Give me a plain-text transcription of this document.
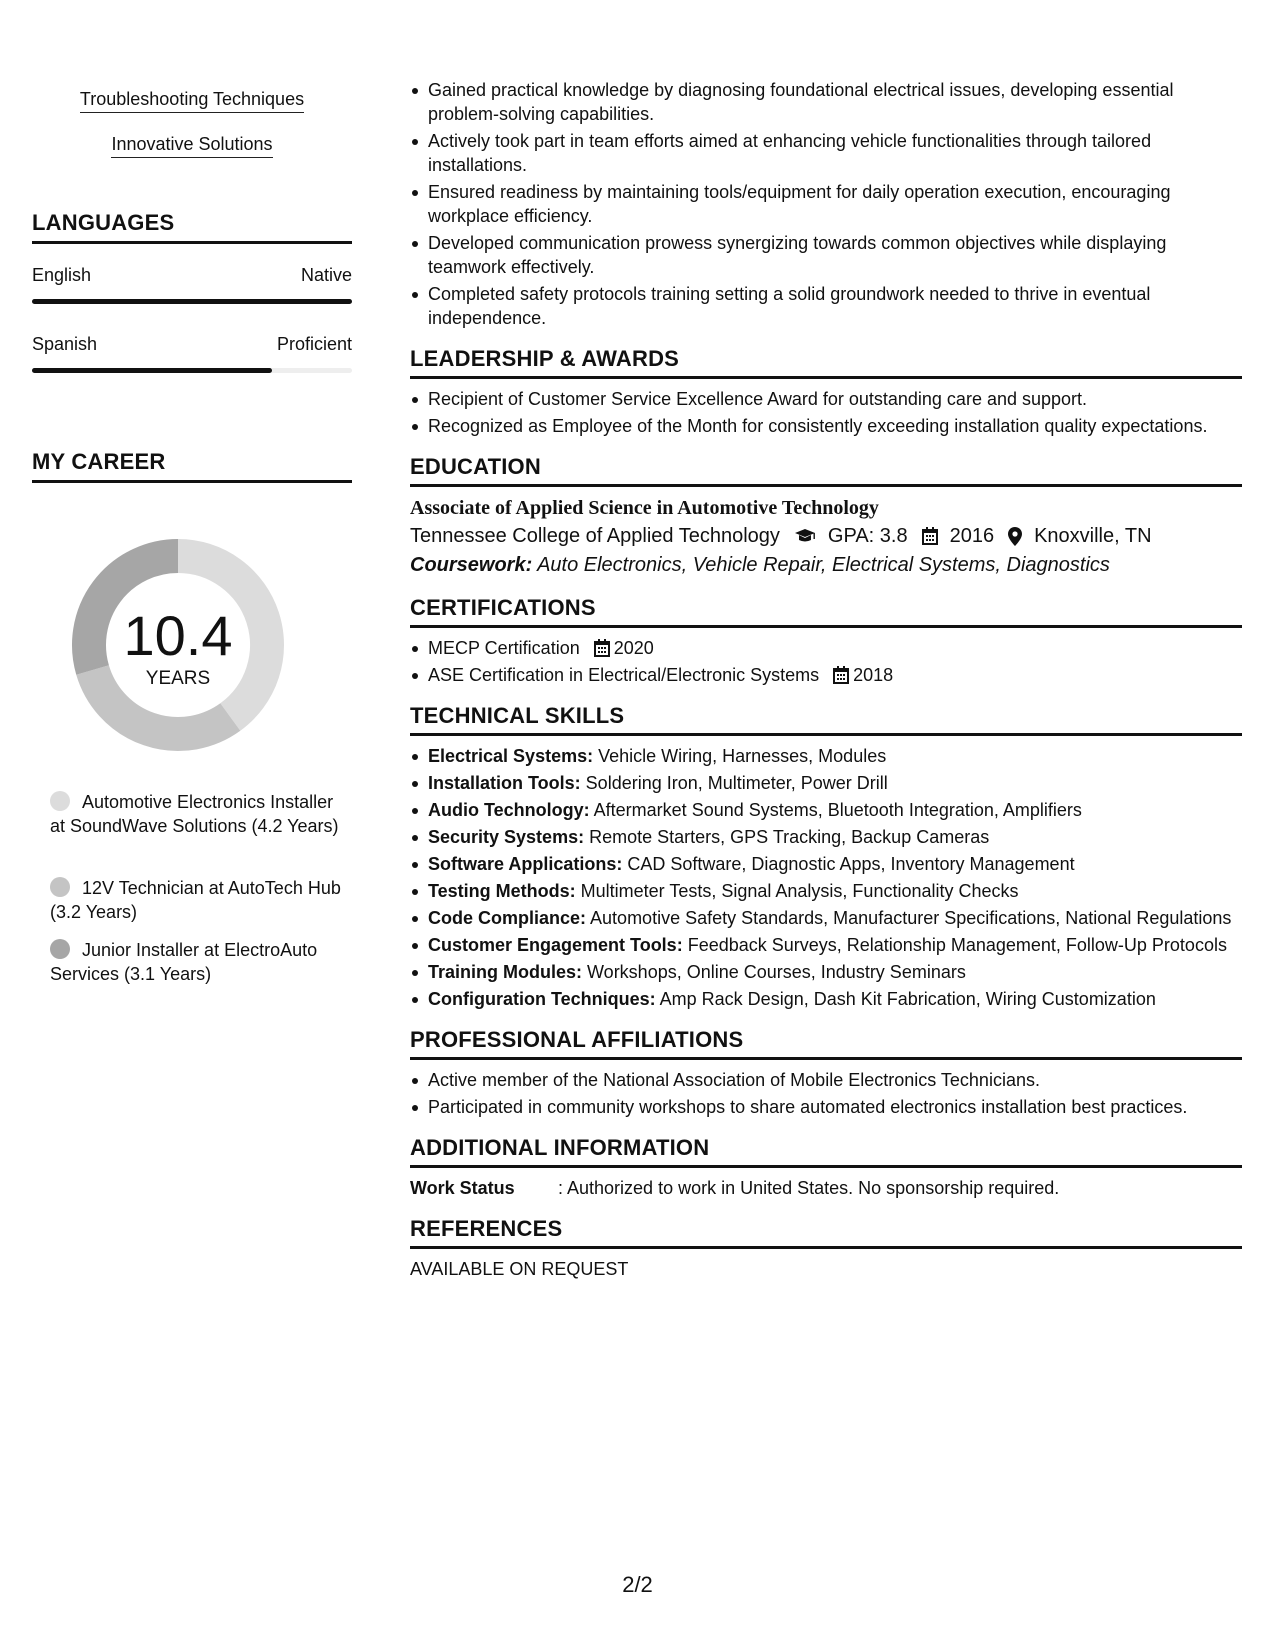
Troubleshooting Techniques
Innovative Solutions
LANGUAGES
English	Native
Spanish	Proficient
MY CAREER
10.4
YEARS
Automotive Electronics Installer at SoundWave Solutions (4.2 Years)
12V Technician at AutoTech Hub (3.2 Years)
Junior Installer at ElectroAuto Services (3.1 Years)
Gained practical knowledge by diagnosing foundational electrical issues, developing essential problem-solving capabilities.
Actively took part in team efforts aimed at enhancing vehicle functionalities through tailored installations.
Ensured readiness by maintaining tools/equipment for daily operation execution, encouraging workplace efficiency.
Developed communication prowess synergizing towards common objectives while displaying teamwork effectively.
Completed safety protocols training setting a solid groundwork needed to thrive in eventual independence.
LEADERSHIP & AWARDS
Recipient of Customer Service Excellence Award for outstanding care and support.
Recognized as Employee of the Month for consistently exceeding installation quality expectations.
EDUCATION
Associate of Applied Science in Automotive Technology
Tennessee College of Applied Technology GPA: 3.8 2016 Knoxville, TN
Coursework: Auto Electronics, Vehicle Repair, Electrical Systems, Diagnostics
CERTIFICATIONS
MECP Certification 2020
ASE Certification in Electrical/Electronic Systems 2018
TECHNICAL SKILLS
Electrical Systems: Vehicle Wiring, Harnesses, Modules
Installation Tools: Soldering Iron, Multimeter, Power Drill
Audio Technology: Aftermarket Sound Systems, Bluetooth Integration, Amplifiers
Security Systems: Remote Starters, GPS Tracking, Backup Cameras
Software Applications: CAD Software, Diagnostic Apps, Inventory Management
Testing Methods: Multimeter Tests, Signal Analysis, Functionality Checks
Code Compliance: Automotive Safety Standards, Manufacturer Specifications, National Regulations
Customer Engagement Tools: Feedback Surveys, Relationship Management, Follow-Up Protocols
Training Modules: Workshops, Online Courses, Industry Seminars
Configuration Techniques: Amp Rack Design, Dash Kit Fabrication, Wiring Customization
PROFESSIONAL AFFILIATIONS
Active member of the National Association of Mobile Electronics Technicians.
Participated in community workshops to share automated electronics installation best practices.
ADDITIONAL INFORMATION
Work Status	: Authorized to work in United States. No sponsorship required.
REFERENCES
AVAILABLE ON REQUEST
2/2
